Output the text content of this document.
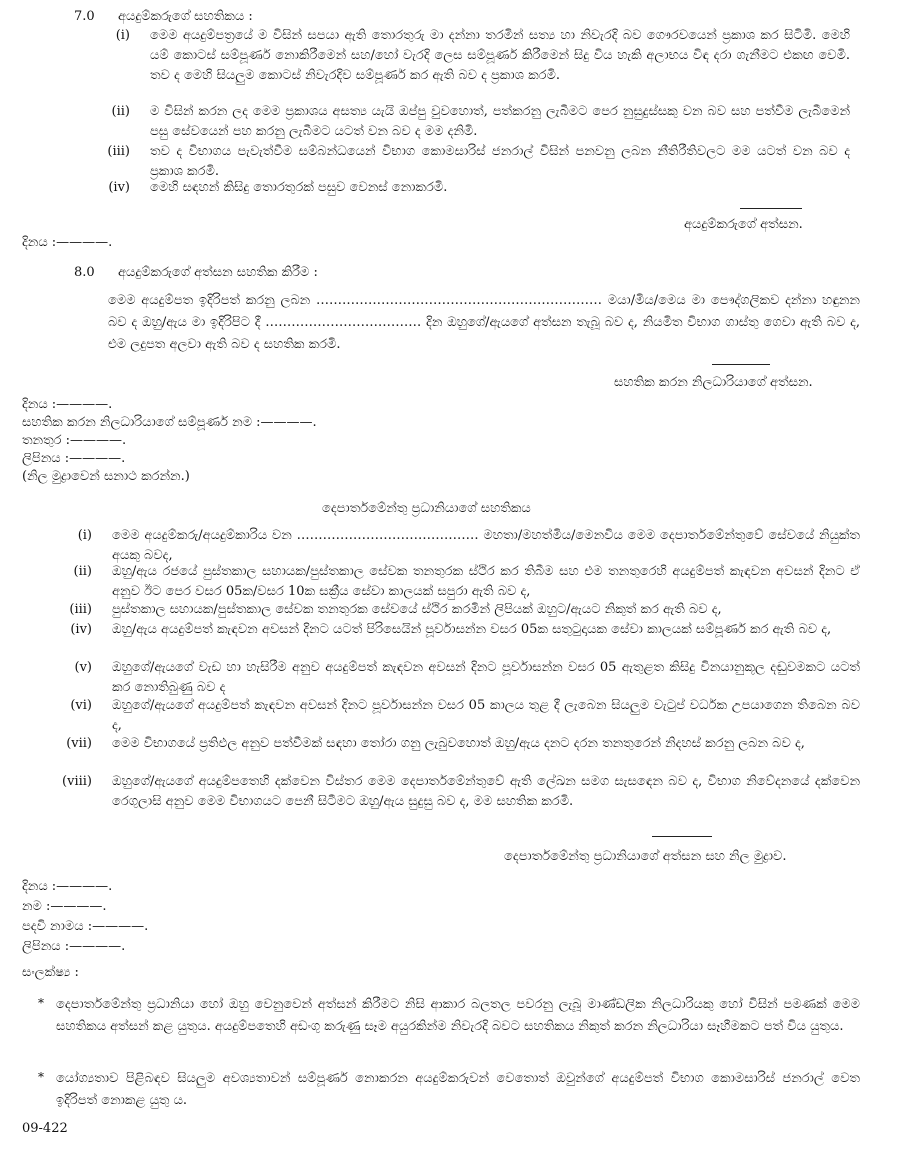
7.0 අයදුම්කරුගේ සහතිකය :
(i) මෙම අයදුම්පත්‍රයේ ම විසින් සපයා ඇති තොරතුරු මා දන්නා තරමින් සත්‍ය හා නිවැරදි බව ගෞරවයෙන් ප්‍රකාශ කර සිටිමි. මෙහි යම් කොටස් සම්පූර්ණ නොකිරීමෙන් සහ/හෝ වැරදි ලෙස සම්පූර්ණ කිරීමෙන් සිදු විය හැකි අලාභය විඳ දරා ගැනීමට එකඟ වෙමි. තව ද මෙහි සියලුම කොටස් නිවැරදිව සම්පූර්ණ කර ඇති බව ද ප්‍රකාශ කරමි.
(ii) ම විසින් කරන ලද මෙම ප්‍රකාශය අසත්‍ය යැයි ඔප්පු වුවහොත්, පත්කරනු ලැබීමට පෙර නුසුදුස්සකු වන බව සහ පත්වීම ලැබීමෙන් පසු සේවයෙන් පහ කරනු ලැබීමට යටත් වන බව ද මම දනිමි.
(iii) තව ද විභාගය පැවැත්වීම සම්බන්ධයෙන් විභාග කොමසාරිස් ජනරාල් විසින් පනවනු ලබන නීතිරීතිවලට මම යටත් වන බව ද ප්‍රකාශ කරමි.
(iv) මෙහි සඳහන් කිසිදු තොරතුරක් පසුව වෙනස් නොකරමි.
අයදුම්කරුගේ අත්සන.
දිනය :————.
8.0 අයදුම්කරුගේ අත්සන සහතික කිරීම :
මෙම අයදුම්පත ඉදිරිපත් කරනු ලබන ………………………………………………………… මයා/මිය/මෙය මා පෞද්ගලිකව දන්නා හඳුනන බව ද ඔහු/ඇය මා ඉදිරිපිට දී ……………………………… දින ඔහුගේ/ඇයගේ අත්සන තැබූ බව ද, නියමිත විභාග ගාස්තු ගෙවා ඇති බව ද, එම ලදුපත අලවා ඇති බව ද සහතික කරමි.
සහතික කරන නිලධාරියාගේ අත්සන.
දිනය :————.
සහතික කරන නිලධාරියාගේ සම්පූර්ණ නම :————.
තනතුර :————.
ලිපිනය :————.
(නිල මුද්‍රාවෙන් සනාථ කරන්න.)
දෙපාර්තමේන්තු ප්‍රධානියාගේ සහතිකය
(i) මෙම අයදුම්කරු/අයදුම්කාරිය වන …………………………………… මහතා/මහත්මිය/මෙනවිය මෙම දෙපාර්තමේන්තුවේ සේවයේ නියුක්ත අයකු බවද,
(ii) ඔහු/ඇය රජයේ පුස්තකාල සහායක/පුස්තකාල සේවක තනතුරක ස්ථිර කර තිබීම සහ එම තනතුරෙහි අයදුම්පත් කැඳවන අවසන් දිනට ඒ අනුව ඊට පෙර වසර 05ක/වසර 10ක සක්‍රීය සේවා කාලයක් සපුරා ඇති බව ද,
(iii) පුස්තකාල සහායක/පුස්තකාල සේවක තනතුරක සේවයේ ස්ථිර කරමින් ලිපියක් ඔහුට/ඇයට නිකුත් කර ඇති බව ද,
(iv) ඔහු/ඇය අයදුම්පත් කැඳවන අවසන් දිනට යටත් පිරිසෙයින් පූර්වාසන්න වසර 05ක සතුටුදායක සේවා කාලයක් සම්පූර්ණ කර ඇති බව ද,
(v) ඔහුගේ/ඇයගේ වැඩ හා හැසිරීම අනුව අයදුම්පත් කැඳවන අවසන් දිනට පූර්වාසන්න වසර 05 ඇතුළත කිසිදු විනයානුකූල දඬුවමකට යටත් කර නොතිබුණු බව ද
(vi) ඔහුගේ/ඇයගේ අයදුම්පත් කැඳවන අවසන් දිනට පූර්වාසන්න වසර 05 කාලය තුළ දී ලැබෙන සියලුම වැටුප් වර්ධක උපයාගෙන තිබෙන බව ද,
(vii) මෙම විභාගයේ ප්‍රතිඵල අනුව පත්වීමක් සඳහා තෝරා ගනු ලැබුවහොත් ඔහු/ඇය දනට දරන තනතුරෙන් නිදහස් කරනු ලබන බව ද,
(viii) ඔහුගේ/ඇයගේ අයදුම්පතෙහි දක්වෙන විස්තර මෙම දෙපාර්තමේන්තුවේ ඇති ලේඛන සමග සැසඳෙන බව ද, විභාග නිවේදනයේ දක්වෙන රෙගුලාසි අනුව මෙම විභාගයට පෙනී සිටීමට ඔහු/ඇය සුදුසු බව ද, මම සහතික කරමි.
දෙපාර්තමේන්තු ප්‍රධානියාගේ අත්සන සහ නිල මුද්‍රාව.
දිනය :————.
නම :————.
පදවි නාමය :————.
ලිපිනය :————.
සංලක්ෂ්‍ය :
* දෙපාර්තමේන්තු ප්‍රධානියා හෝ ඔහු වෙනුවෙන් අත්සන් කිරීමට නිසි ආකාර බලතල පවරනු ලැබූ මාණ්ඩලික නිලධාරියකු හෝ විසින් පමණක් මෙම සහතිකය අත්සන් කළ යුතුය. අයදුම්පතෙහි අඩංගු කරුණු සෑම අයුරකින්ම නිවැරදි බවට සහතිකය නිකුත් කරන නිලධාරියා සෑහීමකට පත් විය යුතුය.
* යෝග්‍යතාව පිළිබඳව සියලුම අවශ්‍යතාවන් සම්පූර්ණ නොකරන අයදුම්කරුවන් වෙතොත් ඔවුන්ගේ අයදුම්පත් විභාග කොමසාරිස් ජනරාල් වෙත ඉදිරිපත් නොකළ යුතු ය.
09-422
